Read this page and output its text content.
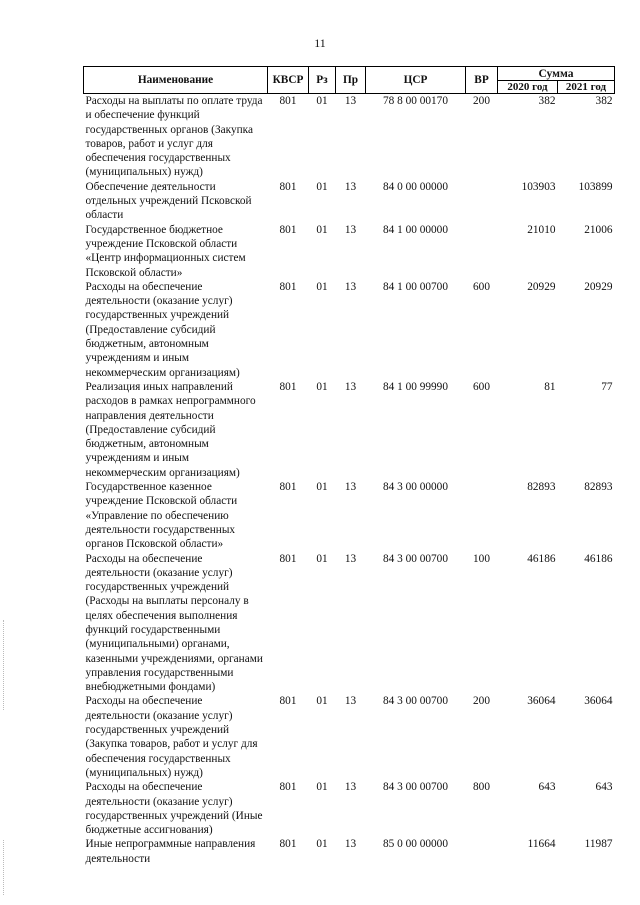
11
Наименование	КВСР	Рз	Пр	ЦСР	ВР	Сумма	
						2020 год	2021 год
Расходы на выплаты по оплате труда и обеспечение функций государственных органов (Закупка товаров, работ и услуг для обеспечения государственных (муниципальных) нужд)	801	01	13	78 8 00 00170	200	382	382
Обеспечение деятельности отдельных учреждений Псковской области	801	01	13	84 0 00 00000		103903	103899
Государственное бюджетное учреждение Псковской области «Центр информационных систем Псковской области»	801	01	13	84 1 00 00000		21010	21006
Расходы на обеспечение деятельности (оказание услуг) государственных учреждений (Предоставление субсидий бюджетным, автономным учреждениям и иным некоммерческим организациям)	801	01	13	84 1 00 00700	600	20929	20929
Реализация иных направлений расходов в рамках непрограммного направления деятельности (Предоставление субсидий бюджетным, автономным учреждениям и иным некоммерческим организациям)	801	01	13	84 1 00 99990	600	81	77
Государственное казенное учреждение Псковской области «Управление по обеспечению деятельности государственных органов Псковской области»	801	01	13	84 3 00 00000		82893	82893
Расходы на обеспечение деятельности (оказание услуг) государственных учреждений (Расходы на выплаты персоналу в целях обеспечения выполнения функций государственными (муниципальными) органами, казенными учреждениями, органами управления государственными внебюджетными фондами)	801	01	13	84 3 00 00700	100	46186	46186
Расходы на обеспечение деятельности (оказание услуг) государственных учреждений (Закупка товаров, работ и услуг для обеспечения государственных (муниципальных) нужд)	801	01	13	84 3 00 00700	200	36064	36064
Расходы на обеспечение деятельности (оказание услуг) государственных учреждений (Иные бюджетные ассигнования)	801	01	13	84 3 00 00700	800	643	643
Иные непрограммные направления деятельности	801	01	13	85 0 00 00000		11664	11987
